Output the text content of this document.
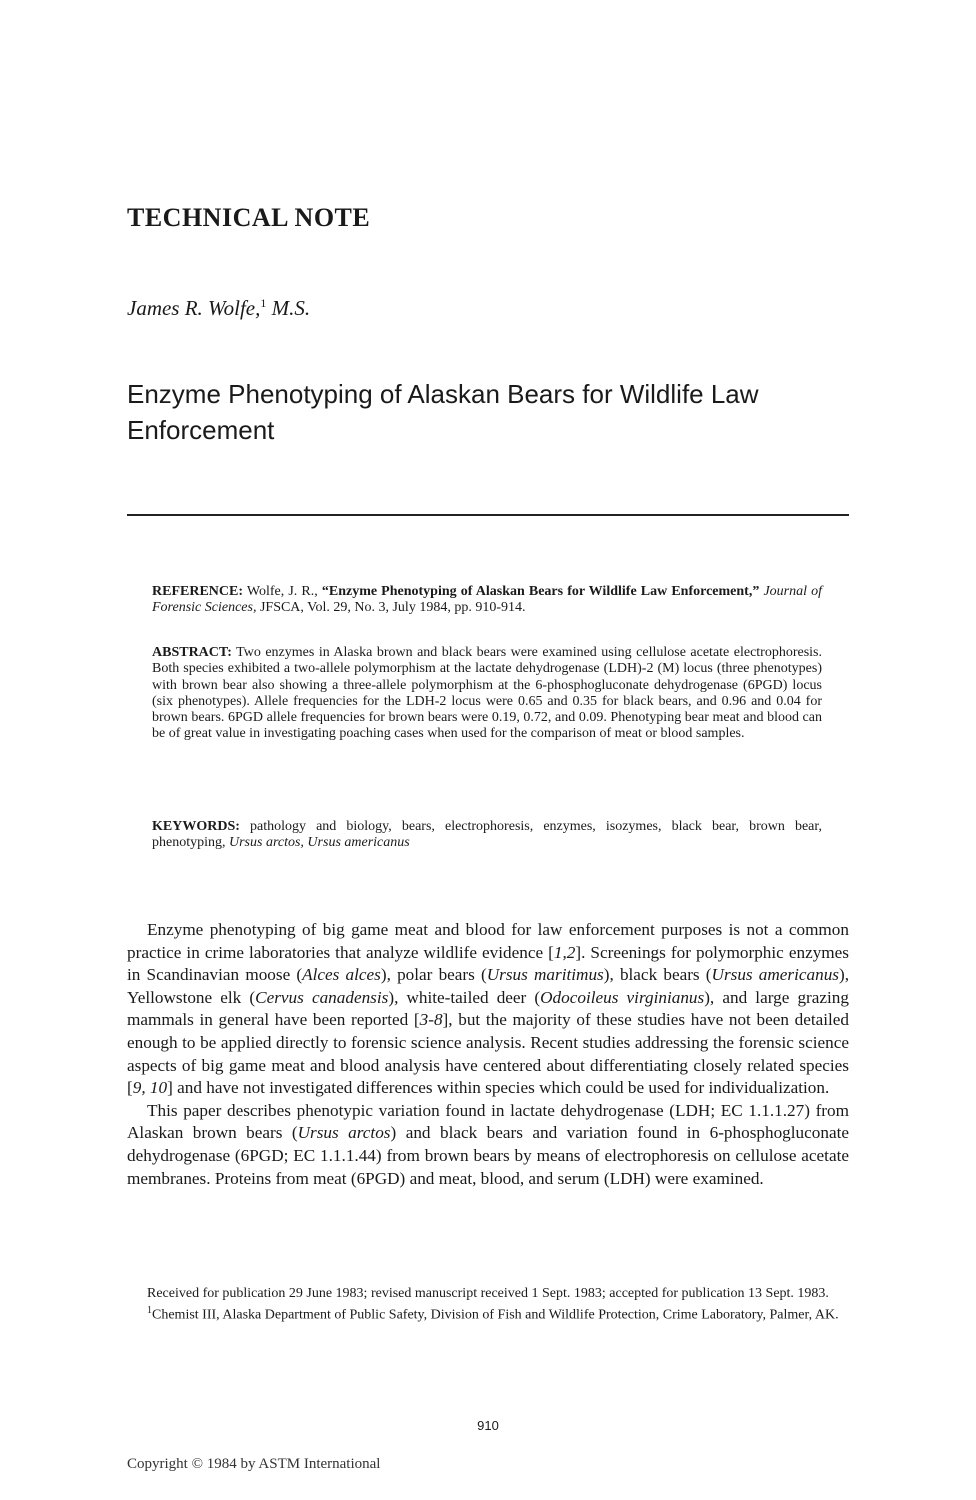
TECHNICAL NOTE

James R. Wolfe,$^1$ M.S.

Enzyme Phenotyping of Alaskan Bears for Wildlife Law Enforcement

REFERENCE: Wolfe, J. R., “Enzyme Phenotyping of Alaskan Bears for Wildlife Law Enforcement,” Journal of Forensic Sciences, JFSCA, Vol. 29, No. 3, July 1984, pp. 910-914.

ABSTRACT: Two enzymes in Alaska brown and black bears were examined using cellulose acetate electrophoresis. Both species exhibited a two-allele polymorphism at the lactate dehydrogenase (LDH)-2 (M) locus (three phenotypes) with brown bear also showing a three-allele polymorphism at the 6-phosphogluconate dehydrogenase (6PGD) locus (six phenotypes). Allele frequencies for the LDH-2 locus were 0.65 and 0.35 for black bears, and 0.96 and 0.04 for brown bears. 6PGD allele frequencies for brown bears were 0.19, 0.72, and 0.09. Phenotyping bear meat and blood can be of great value in investigating poaching cases when used for the comparison of meat or blood samples.

KEYWORDS: pathology and biology, bears, electrophoresis, enzymes, isozymes, black bear, brown bear, phenotyping, Ursus arctos, Ursus americanus

Enzyme phenotyping of big game meat and blood for law enforcement purposes is not a common practice in crime laboratories that analyze wildlife evidence [1,2]. Screenings for polymorphic enzymes in Scandinavian moose (Alces alces), polar bears (Ursus maritimus), black bears (Ursus americanus), Yellowstone elk (Cervus canadensis), white-tailed deer (Odocoileus virginianus), and large grazing mammals in general have been reported [3-8], but the majority of these studies have not been detailed enough to be applied directly to forensic science analysis. Recent studies addressing the forensic science aspects of big game meat and blood analysis have centered about differentiating closely related species [9, 10] and have not investigated differences within species which could be used for individualization.

This paper describes phenotypic variation found in lactate dehydrogenase (LDH; EC 1.1.1.27) from Alaskan brown bears (Ursus arctos) and black bears and variation found in 6-phosphogluconate dehydrogenase (6PGD; EC 1.1.1.44) from brown bears by means of electrophoresis on cellulose acetate membranes. Proteins from meat (6PGD) and meat, blood, and serum (LDH) were examined.

Received for publication 29 June 1983; revised manuscript received 1 Sept. 1983; accepted for publication 13 Sept. 1983.

$^1$Chemist III, Alaska Department of Public Safety, Division of Fish and Wildlife Protection, Crime Laboratory, Palmer, AK.

910
Copyright © 1984 by ASTM International
